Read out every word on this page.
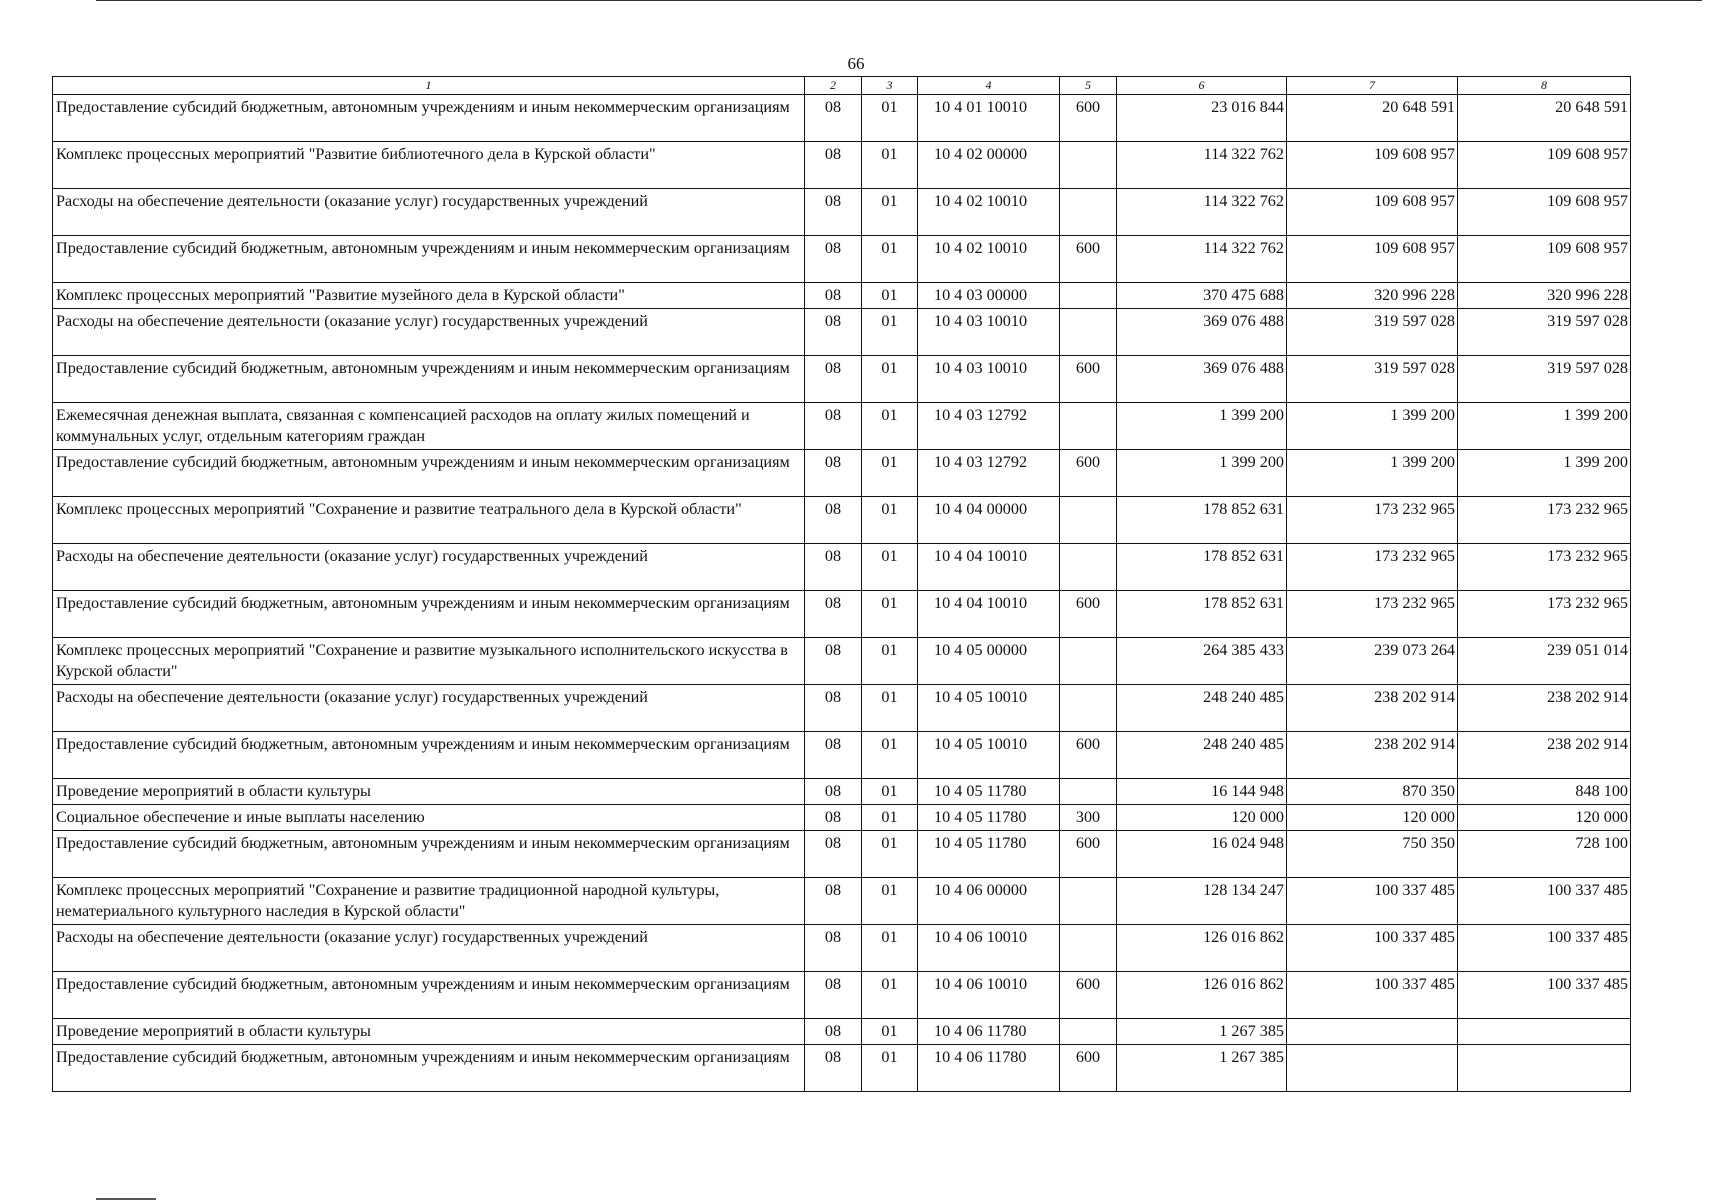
66
1	2	3	4	5	6	7	8
Предоставление субсидий бюджетным, автономным учреждениям и иным некоммерческим организациям	08	01	10 4 01 10010	600	23 016 844	20 648 591	20 648 591
Комплекс процессных мероприятий "Развитие библиотечного дела в Курской области"	08	01	10 4 02 00000		114 322 762	109 608 957	109 608 957
Расходы на обеспечение деятельности (оказание услуг) государственных учреждений	08	01	10 4 02 10010		114 322 762	109 608 957	109 608 957
Предоставление субсидий бюджетным, автономным учреждениям и иным некоммерческим организациям	08	01	10 4 02 10010	600	114 322 762	109 608 957	109 608 957
Комплекс процессных мероприятий "Развитие музейного дела в Курской области"	08	01	10 4 03 00000		370 475 688	320 996 228	320 996 228
Расходы на обеспечение деятельности (оказание услуг) государственных учреждений	08	01	10 4 03 10010		369 076 488	319 597 028	319 597 028
Предоставление субсидий бюджетным, автономным учреждениям и иным некоммерческим организациям	08	01	10 4 03 10010	600	369 076 488	319 597 028	319 597 028
Ежемесячная денежная выплата, связанная с компенсацией расходов на оплату жилых помещений и коммунальных услуг, отдельным категориям граждан	08	01	10 4 03 12792		1 399 200	1 399 200	1 399 200
Предоставление субсидий бюджетным, автономным учреждениям и иным некоммерческим организациям	08	01	10 4 03 12792	600	1 399 200	1 399 200	1 399 200
Комплекс процессных мероприятий "Сохранение и развитие театрального дела в Курской области"	08	01	10 4 04 00000		178 852 631	173 232 965	173 232 965
Расходы на обеспечение деятельности (оказание услуг) государственных учреждений	08	01	10 4 04 10010		178 852 631	173 232 965	173 232 965
Предоставление субсидий бюджетным, автономным учреждениям и иным некоммерческим организациям	08	01	10 4 04 10010	600	178 852 631	173 232 965	173 232 965
Комплекс процессных мероприятий "Сохранение и развитие музыкального исполнительского искусства в Курской области"	08	01	10 4 05 00000		264 385 433	239 073 264	239 051 014
Расходы на обеспечение деятельности (оказание услуг) государственных учреждений	08	01	10 4 05 10010		248 240 485	238 202 914	238 202 914
Предоставление субсидий бюджетным, автономным учреждениям и иным некоммерческим организациям	08	01	10 4 05 10010	600	248 240 485	238 202 914	238 202 914
Проведение мероприятий в области культуры	08	01	10 4 05 11780		16 144 948	870 350	848 100
Социальное обеспечение и иные выплаты населению	08	01	10 4 05 11780	300	120 000	120 000	120 000
Предоставление субсидий бюджетным, автономным учреждениям и иным некоммерческим организациям	08	01	10 4 05 11780	600	16 024 948	750 350	728 100
Комплекс процессных мероприятий "Сохранение и развитие традиционной народной культуры, нематериального культурного наследия в Курской области"	08	01	10 4 06 00000		128 134 247	100 337 485	100 337 485
Расходы на обеспечение деятельности (оказание услуг) государственных учреждений	08	01	10 4 06 10010		126 016 862	100 337 485	100 337 485
Предоставление субсидий бюджетным, автономным учреждениям и иным некоммерческим организациям	08	01	10 4 06 10010	600	126 016 862	100 337 485	100 337 485
Проведение мероприятий в области культуры	08	01	10 4 06 11780		1 267 385		
Предоставление субсидий бюджетным, автономным учреждениям и иным некоммерческим организациям	08	01	10 4 06 11780	600	1 267 385		
